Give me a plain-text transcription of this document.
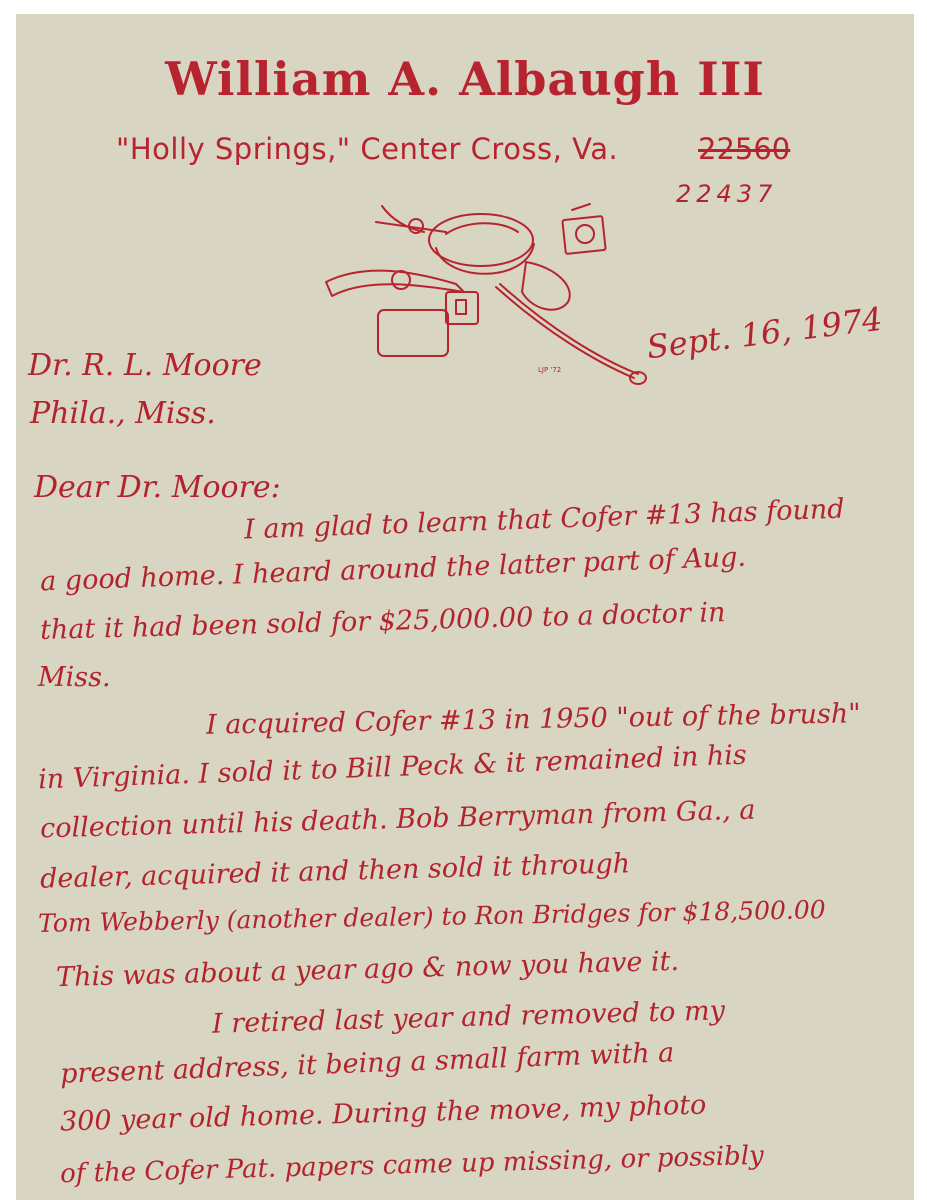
William A. Albaugh III
"Holly Springs," Center Cross, Va.	22560
22437
LJP '72
Sept. 16, 1974
Dr. R. L. Moore
Phila., Miss.
Dear Dr. Moore:
I am glad to learn that Cofer #13 has found
a good home. I heard around the latter part of Aug.
that it had been sold for $25,000.00 to a doctor in
Miss.
I acquired Cofer #13 in 1950 "out of the brush"
in Virginia. I sold it to Bill Peck & it remained in his
collection until his death. Bob Berryman from Ga., a
dealer, acquired it and then sold it through
Tom Webberly (another dealer) to Ron Bridges for $18,500.00
This was about a year ago & now you have it.
I retired last year and removed to my
present address, it being a small farm with a
300 year old home. During the move, my photo
of the Cofer Pat. papers came up missing, or possibly
